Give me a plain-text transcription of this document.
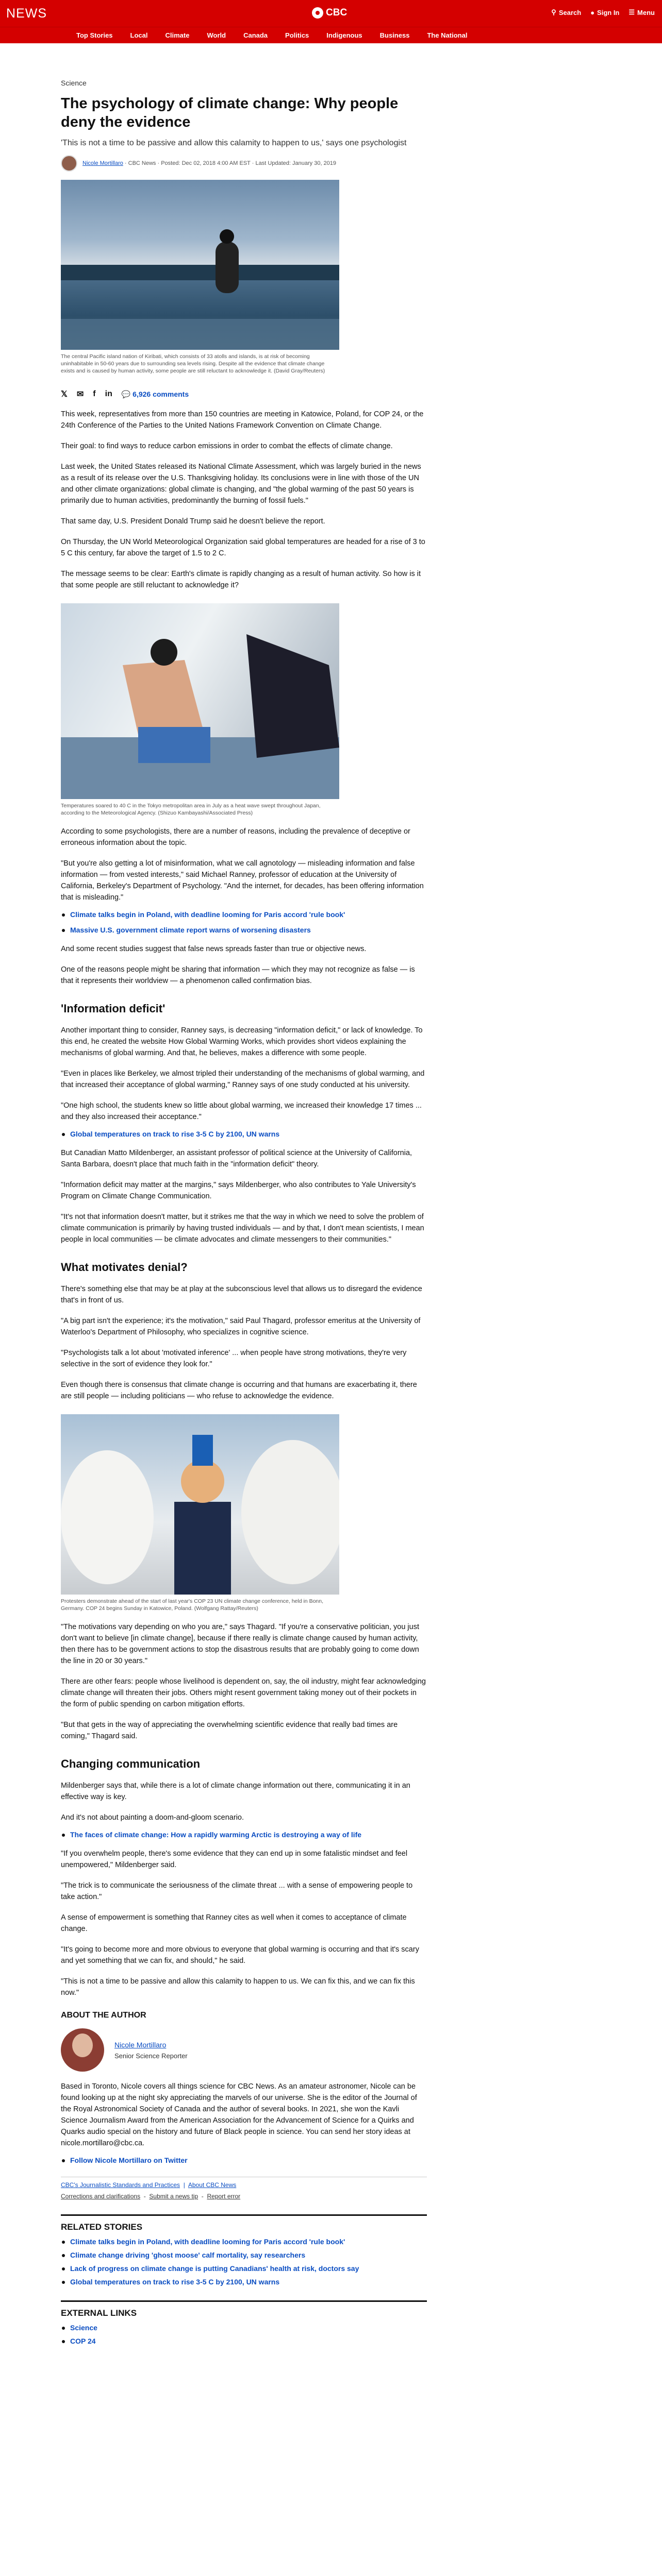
NEWS	CBC	⚲ Search ● Sign In ☰ Menu
Top Stories	Local	Climate	World	Canada	Politics	Indigenous	Business	The National
Science
The psychology of climate change: Why people deny the evidence
'This is not a time to be passive and allow this calamity to happen to us,' says one psychologist
Nicole Mortillaro · CBC News · Posted: Dec 02, 2018 4:00 AM EST · Last Updated: January 30, 2019
The central Pacific island nation of Kiribati, which consists of 33 atolls and islands, is at risk of becoming uninhabitable in 50-60 years due to surrounding sea levels rising. Despite all the evidence that climate change exists and is caused by human activity, some people are still reluctant to acknowledge it. (David Gray/Reuters)
𝕏 ✉ f in 💬 6,926 comments
This week, representatives from more than 150 countries are meeting in Katowice, Poland, for COP 24, or the 24th Conference of the Parties to the United Nations Framework Convention on Climate Change.
Their goal: to find ways to reduce carbon emissions in order to combat the effects of climate change.
Last week, the United States released its National Climate Assessment, which was largely buried in the news as a result of its release over the U.S. Thanksgiving holiday. Its conclusions were in line with those of the UN and other climate organizations: global climate is changing, and "the global warming of the past 50 years is primarily due to human activities, predominantly the burning of fossil fuels."
That same day, U.S. President Donald Trump said he doesn't believe the report.
On Thursday, the UN World Meteorological Organization said global temperatures are headed for a rise of 3 to 5 C this century, far above the target of 1.5 to 2 C.
The message seems to be clear: Earth's climate is rapidly changing as a result of human activity. So how is it that some people are still reluctant to acknowledge it?
Temperatures soared to 40 C in the Tokyo metropolitan area in July as a heat wave swept throughout Japan, according to the Meteorological Agency. (Shizuo Kambayashi/Associated Press)
According to some psychologists, there are a number of reasons, including the prevalence of deceptive or erroneous information about the topic.
"But you're also getting a lot of misinformation, what we call agnotology — misleading information and false information — from vested interests," said Michael Ranney, professor of education at the University of California, Berkeley's Department of Psychology. "And the internet, for decades, has been offering information that is misleading."
Climate talks begin in Poland, with deadline looming for Paris accord 'rule book'
Massive U.S. government climate report warns of worsening disasters
And some recent studies suggest that false news spreads faster than true or objective news.
One of the reasons people might be sharing that information — which they may not recognize as false — is that it represents their worldview — a phenomenon called confirmation bias.
'Information deficit'
Another important thing to consider, Ranney says, is decreasing "information deficit," or lack of knowledge. To this end, he created the website How Global Warming Works, which provides short videos explaining the mechanisms of global warming. And that, he believes, makes a difference with some people.
"Even in places like Berkeley, we almost tripled their understanding of the mechanisms of global warming, and that increased their acceptance of global warming," Ranney says of one study conducted at his university.
"One high school, the students knew so little about global warming, we increased their knowledge 17 times ... and they also increased their acceptance."
Global temperatures on track to rise 3-5 C by 2100, UN warns
But Canadian Matto Mildenberger, an assistant professor of political science at the University of California, Santa Barbara, doesn't place that much faith in the "information deficit" theory.
"Information deficit may matter at the margins," says Mildenberger, who also contributes to Yale University's Program on Climate Change Communication.
"It's not that information doesn't matter, but it strikes me that the way in which we need to solve the problem of climate communication is primarily by having trusted individuals — and by that, I don't mean scientists, I mean people in local communities — be climate advocates and climate messengers to their communities."
What motivates denial?
There's something else that may be at play at the subconscious level that allows us to disregard the evidence that's in front of us.
"A big part isn't the experience; it's the motivation," said Paul Thagard, professor emeritus at the University of Waterloo's Department of Philosophy, who specializes in cognitive science.
"Psychologists talk a lot about 'motivated inference' ... when people have strong motivations, they're very selective in the sort of evidence they look for."
Even though there is consensus that climate change is occurring and that humans are exacerbating it, there are still people — including politicians — who refuse to acknowledge the evidence.
Protesters demonstrate ahead of the start of last year's COP 23 UN climate change conference, held in Bonn, Germany. COP 24 begins Sunday in Katowice, Poland. (Wolfgang Rattay/Reuters)
"The motivations vary depending on who you are," says Thagard. "If you're a conservative politician, you just don't want to believe [in climate change], because if there really is climate change caused by human activity, then there has to be government actions to stop the disastrous results that are probably going to come down the line in 20 or 30 years."
There are other fears: people whose livelihood is dependent on, say, the oil industry, might fear acknowledging climate change will threaten their jobs. Others might resent government taking money out of their pockets in the form of public spending on carbon mitigation efforts.
"But that gets in the way of appreciating the overwhelming scientific evidence that really bad times are coming," Thagard said.
Changing communication
Mildenberger says that, while there is a lot of climate change information out there, communicating it in an effective way is key.
And it's not about painting a doom-and-gloom scenario.
The faces of climate change: How a rapidly warming Arctic is destroying a way of life
"If you overwhelm people, there's some evidence that they can end up in some fatalistic mindset and feel unempowered," Mildenberger said.
"The trick is to communicate the seriousness of the climate threat ... with a sense of empowering people to take action."
A sense of empowerment is something that Ranney cites as well when it comes to acceptance of climate change.
"It's going to become more and more obvious to everyone that global warming is occurring and that it's scary and yet something that we can fix, and should," he said.
"This is not a time to be passive and allow this calamity to happen to us. We can fix this, and we can fix this now."
ABOUT THE AUTHOR
Nicole Mortillaro
Senior Science Reporter
Based in Toronto, Nicole covers all things science for CBC News. As an amateur astronomer, Nicole can be found looking up at the night sky appreciating the marvels of our universe. She is the editor of the Journal of the Royal Astronomical Society of Canada and the author of several books. In 2021, she won the Kavli Science Journalism Award from the American Association for the Advancement of Science for a Quirks and Quarks audio special on the history and future of Black people in science. You can send her story ideas at nicole.mortillaro@cbc.ca.
Follow Nicole Mortillaro on Twitter
CBC's Journalistic Standards and Practices  |  About CBC News
Corrections and clarifications  -  Submit a news tip  -  Report error
RELATED STORIES
Climate talks begin in Poland, with deadline looming for Paris accord 'rule book'
Climate change driving 'ghost moose' calf mortality, say researchers
Lack of progress on climate change is putting Canadians' health at risk, doctors say
Global temperatures on track to rise 3-5 C by 2100, UN warns
EXTERNAL LINKS
Science
COP 24
